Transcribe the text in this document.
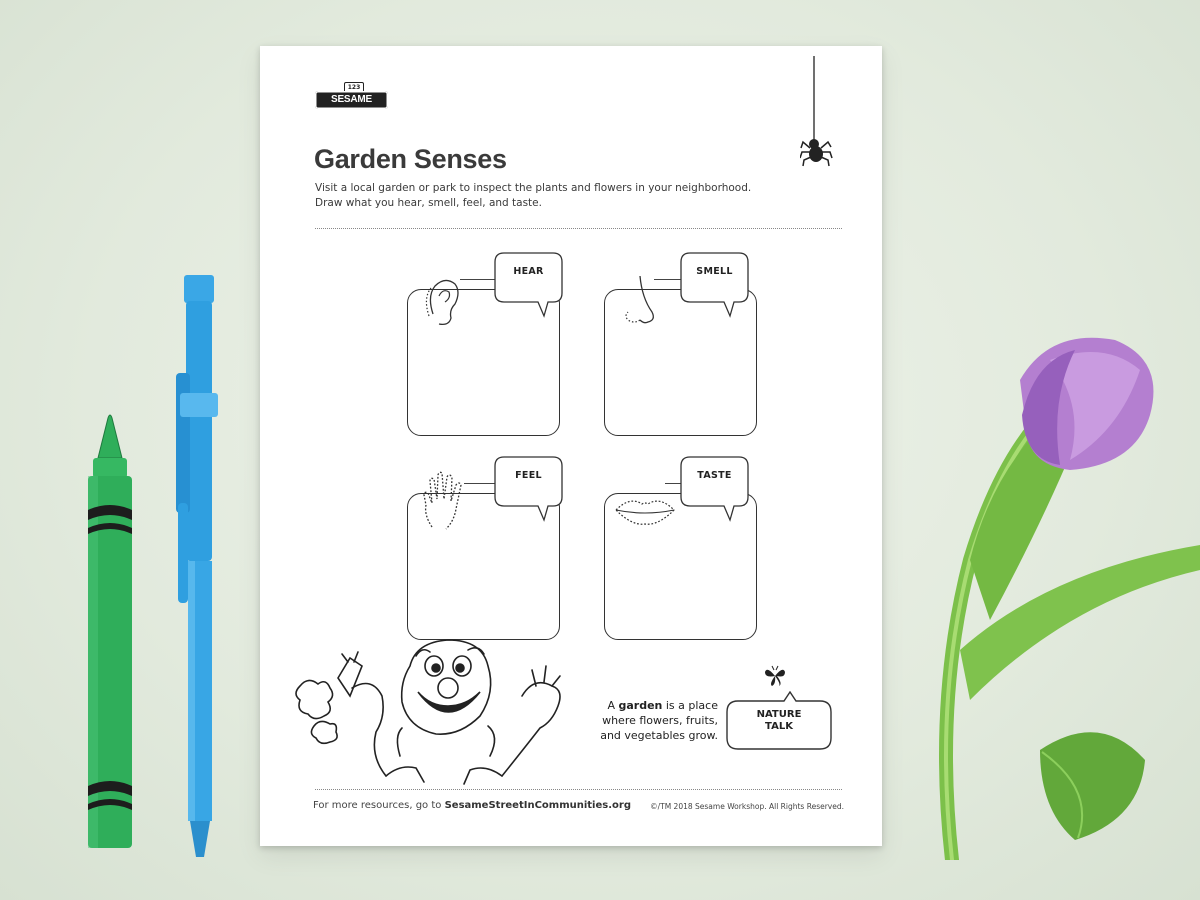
123
SESAME STREET
Garden Senses

Visit a local garden or park to inspect the plants and flowers in your neighborhood.

Draw what you hear, smell, feel, and taste.

HEAR	SMELL
FEEL	TASTE
A garden is a place where flowers, fruits, and vegetables grow.
NATURE
TALK
For more resources, go to SesameStreetInCommunities.org	©/TM 2018 Sesame Workshop. All Rights Reserved.
